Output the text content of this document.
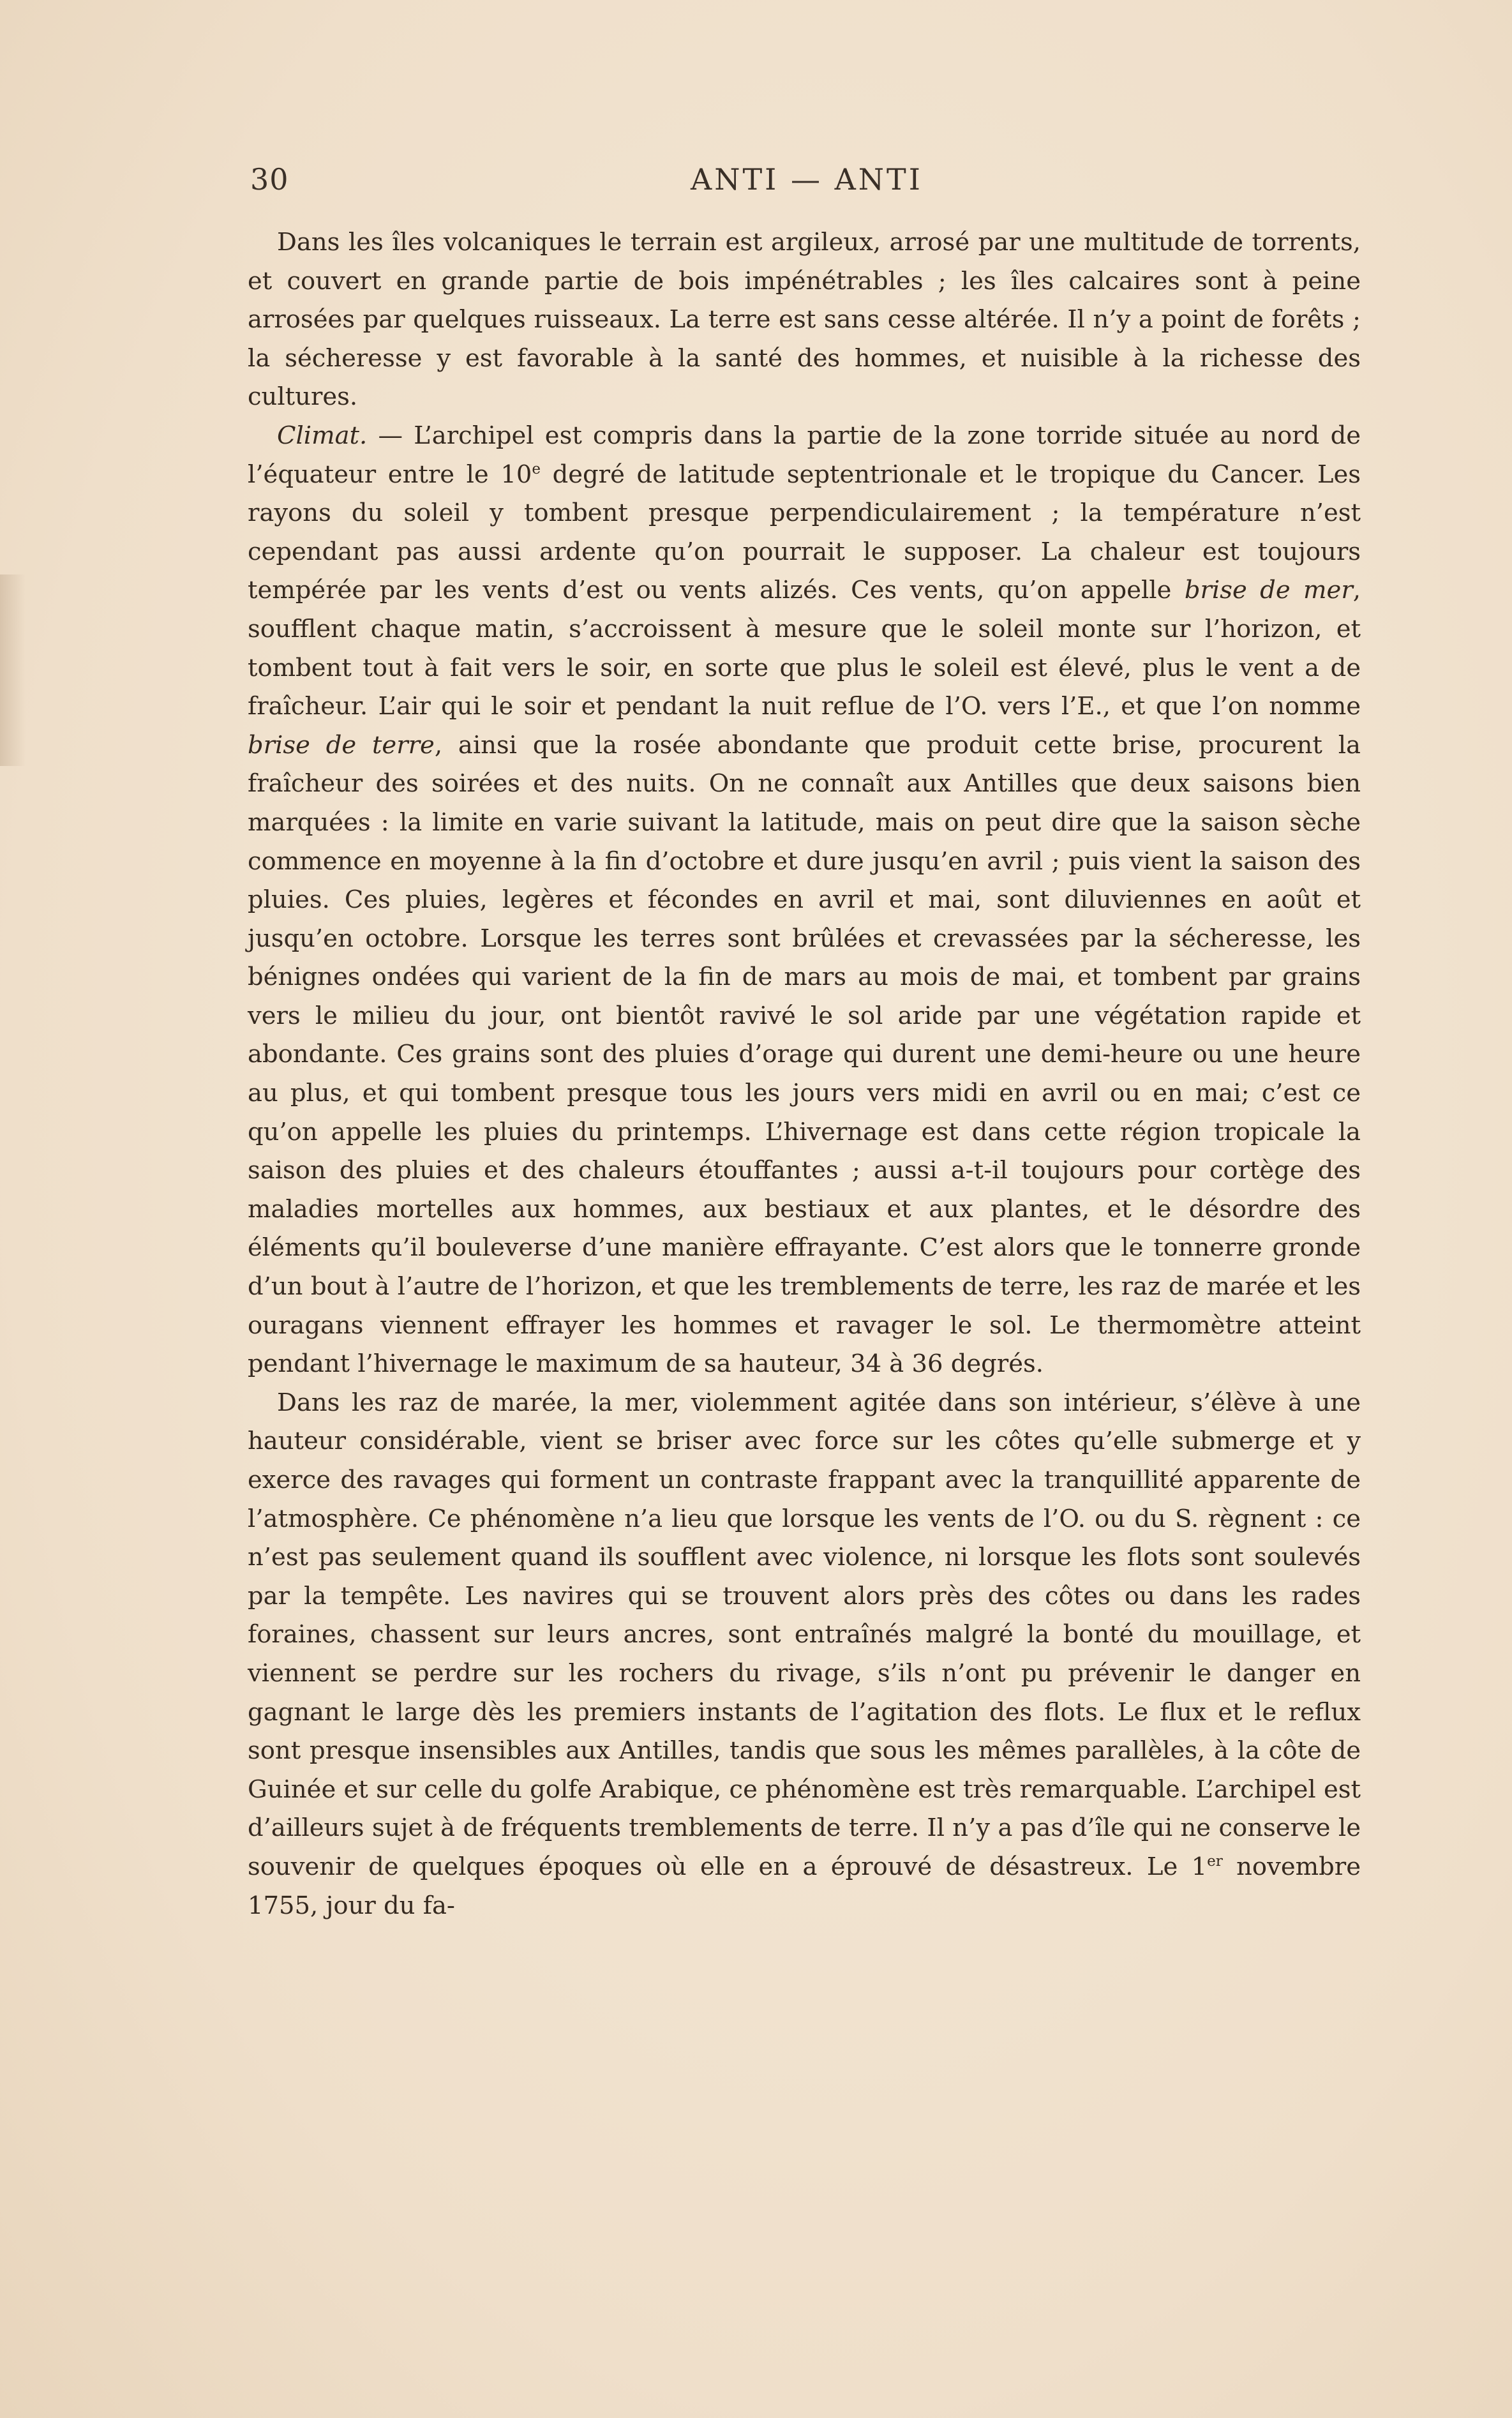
30	ANTI — ANTI

Dans les îles volcaniques le terrain est argileux, arrosé par une multitude de torrents, et couvert en grande partie de bois impénétrables ; les îles calcaires sont à peine arrosées par quelques ruisseaux. La terre est sans cesse altérée. Il n’y a point de forêts ; la sécheresse y est favorable à la santé des hommes, et nuisible à la richesse des cultures.

Climat. — L’archipel est compris dans la partie de la zone torride située au nord de l’équateur entre le 10e degré de latitude septentrionale et le tropique du Cancer. Les rayons du soleil y tombent presque perpendiculairement ; la température n’est cependant pas aussi ardente qu’on pourrait le supposer. La chaleur est toujours tempérée par les vents d’est ou vents alizés. Ces vents, qu’on appelle brise de mer, soufflent chaque matin, s’accroissent à mesure que le soleil monte sur l’horizon, et tombent tout à fait vers le soir, en sorte que plus le soleil est élevé, plus le vent a de fraîcheur. L’air qui le soir et pendant la nuit reflue de l’O. vers l’E., et que l’on nomme brise de terre, ainsi que la rosée abondante que produit cette brise, procurent la fraîcheur des soirées et des nuits. On ne connaît aux Antilles que deux saisons bien marquées : la limite en varie suivant la latitude, mais on peut dire que la saison sèche commence en moyenne à la fin d’octobre et dure jusqu’en avril ; puis vient la saison des pluies. Ces pluies, legères et fécondes en avril et mai, sont diluviennes en août et jusqu’en octobre. Lorsque les terres sont brûlées et crevassées par la sécheresse, les bénignes ondées qui varient de la fin de mars au mois de mai, et tombent par grains vers le milieu du jour, ont bientôt ravivé le sol aride par une végétation rapide et abondante. Ces grains sont des pluies d’orage qui durent une demi-heure ou une heure au plus, et qui tombent presque tous les jours vers midi en avril ou en mai; c’est ce qu’on appelle les pluies du printemps. L’hivernage est dans cette région tropicale la saison des pluies et des chaleurs étouffantes ; aussi a-t-il toujours pour cortège des maladies mortelles aux hommes, aux bestiaux et aux plantes, et le désordre des éléments qu’il bouleverse d’une manière effrayante. C’est alors que le tonnerre gronde d’un bout à l’autre de l’horizon, et que les tremblements de terre, les raz de marée et les ouragans viennent effrayer les hommes et ravager le sol. Le thermomètre atteint pendant l’hivernage le maximum de sa hauteur, 34 à 36 degrés.

Dans les raz de marée, la mer, violemment agitée dans son intérieur, s’élève à une hauteur considérable, vient se briser avec force sur les côtes qu’elle submerge et y exerce des ravages qui forment un contraste frappant avec la tranquillité apparente de l’atmosphère. Ce phénomène n’a lieu que lorsque les vents de l’O. ou du S. règnent : ce n’est pas seulement quand ils soufflent avec violence, ni lorsque les flots sont soulevés par la tempête. Les navires qui se trouvent alors près des côtes ou dans les rades foraines, chassent sur leurs ancres, sont entraînés malgré la bonté du mouillage, et viennent se perdre sur les rochers du rivage, s’ils n’ont pu prévenir le danger en gagnant le large dès les premiers instants de l’agitation des flots. Le flux et le reflux sont presque insensibles aux Antilles, tandis que sous les mêmes parallèles, à la côte de Guinée et sur celle du golfe Arabique, ce phénomène est très remarquable. L’archipel est d’ailleurs sujet à de fréquents tremblements de terre. Il n’y a pas d’île qui ne conserve le souvenir de quelques époques où elle en a éprouvé de désastreux. Le 1er novembre 1755, jour du fa-
